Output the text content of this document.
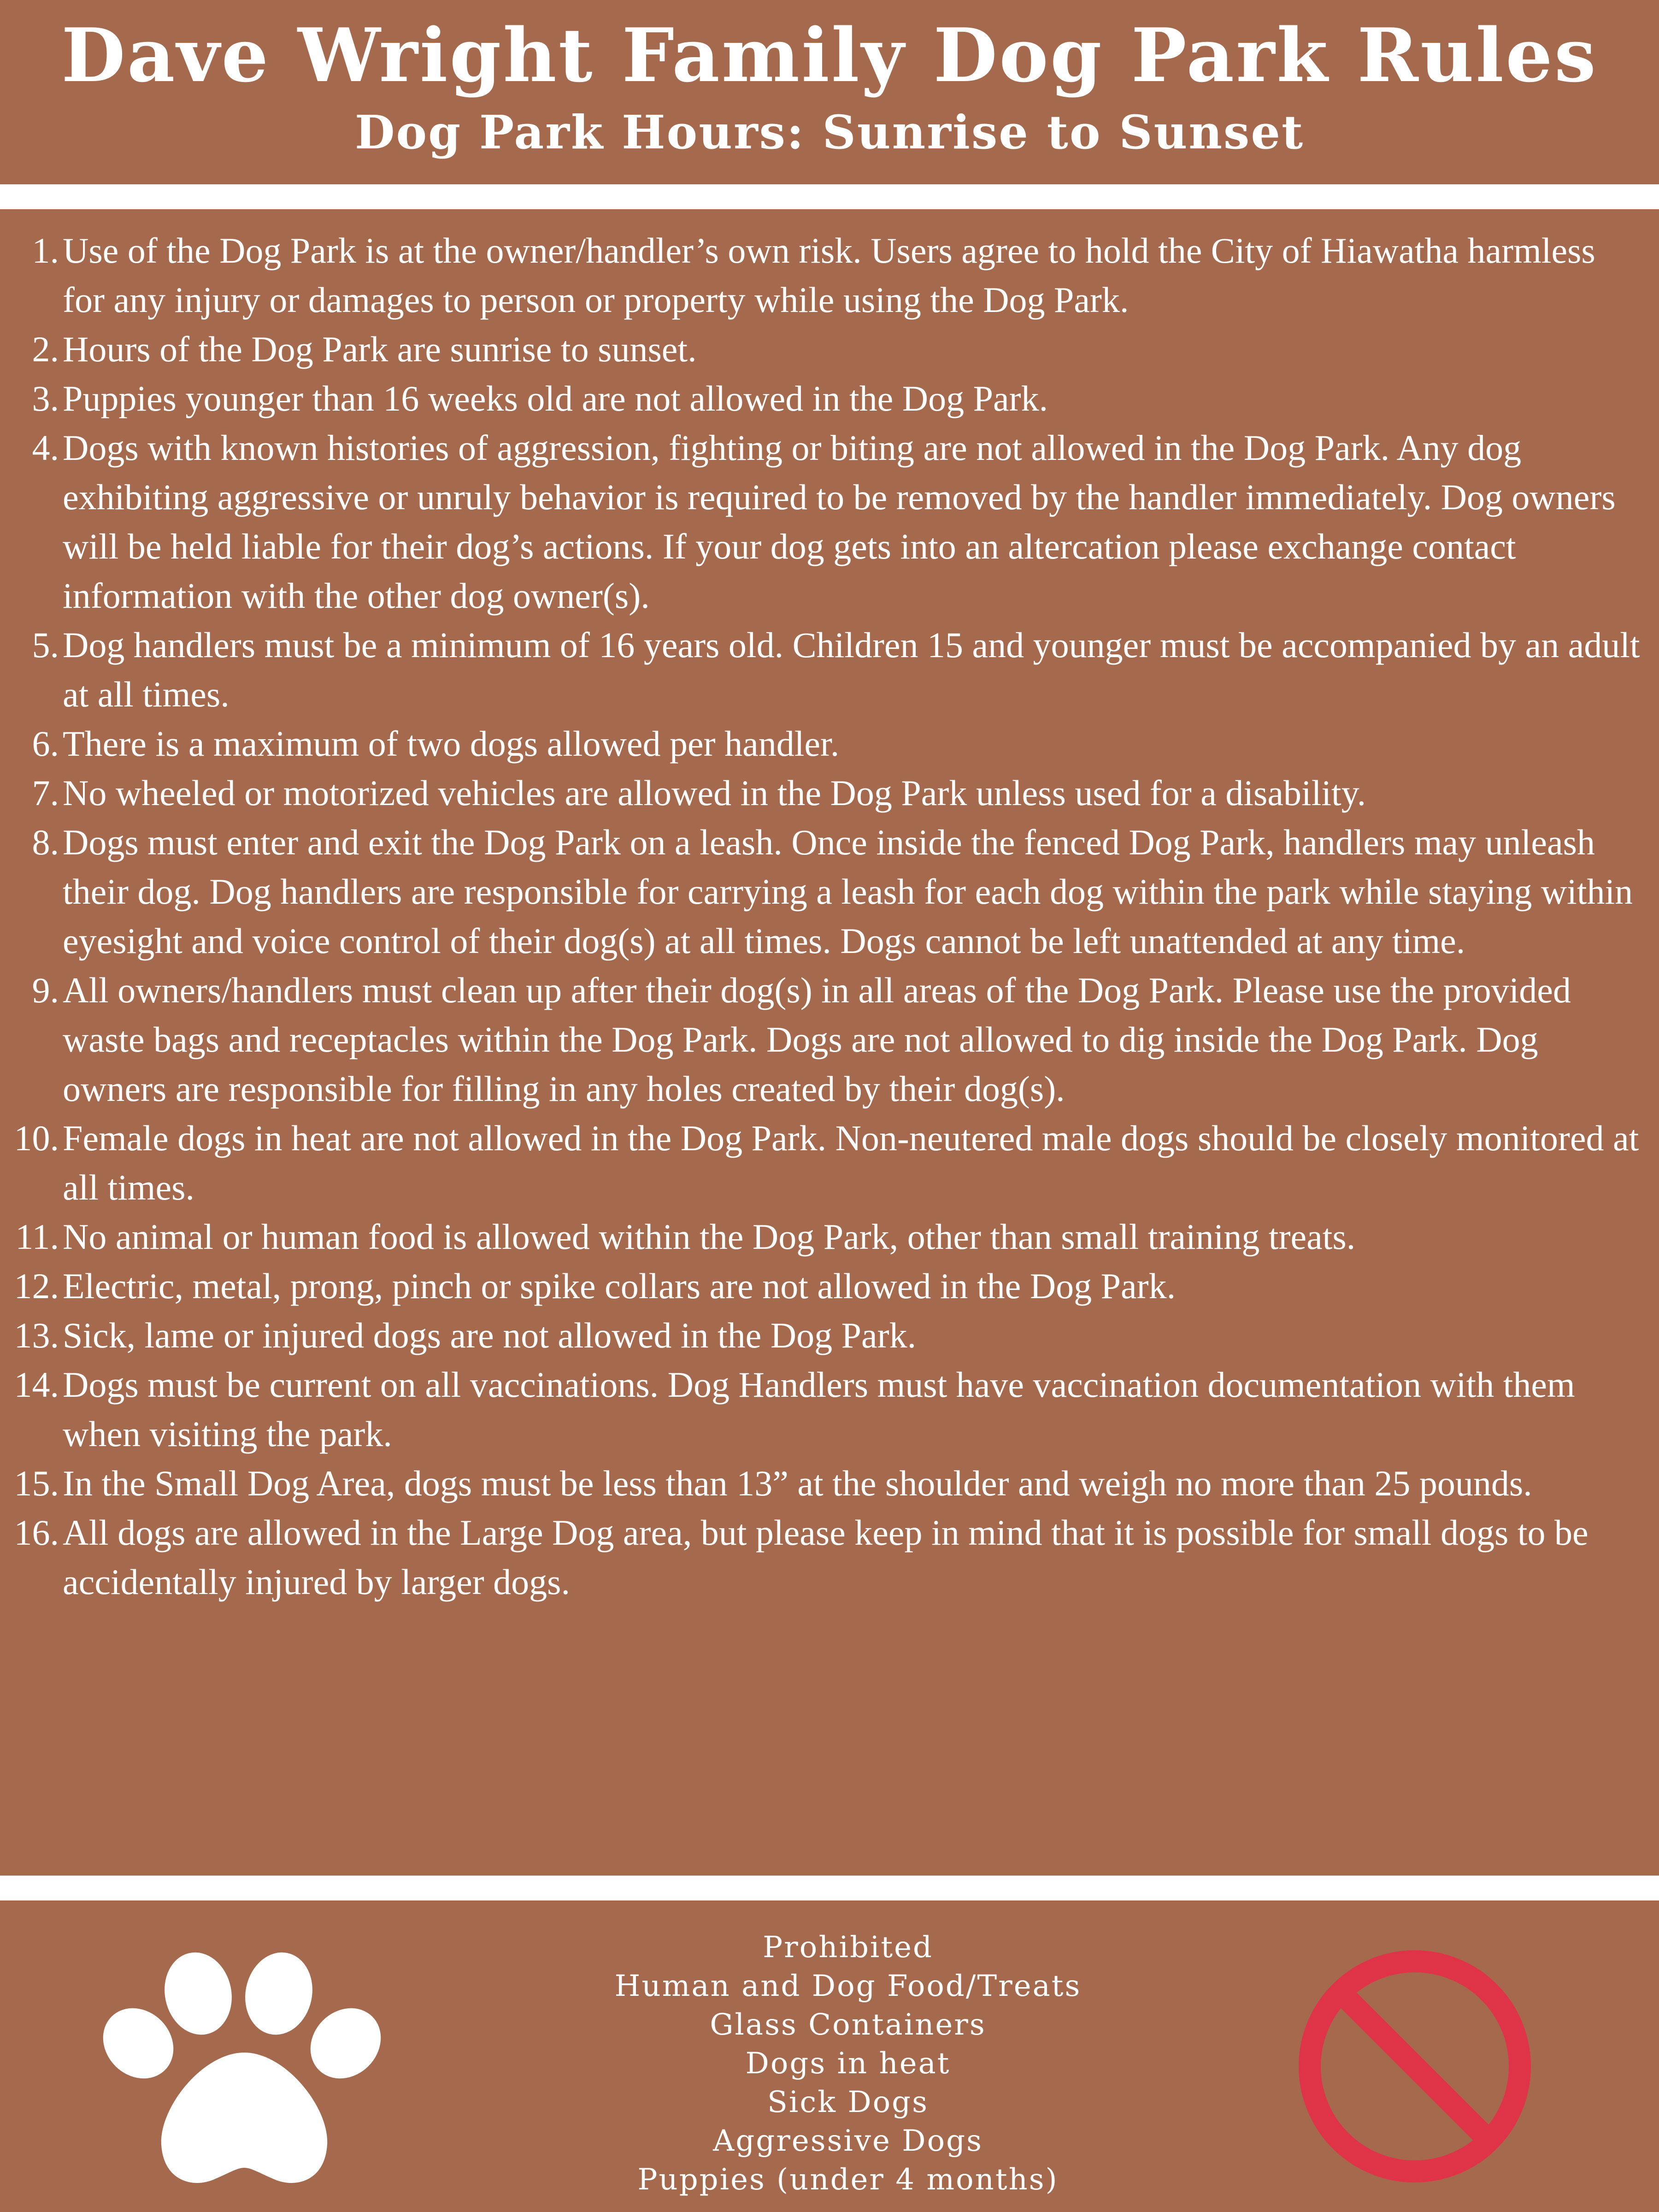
Dave Wright Family Dog Park Rules
Dog Park Hours: Sunrise to Sunset
1. Use of the Dog Park is at the owner/handler’s own risk. Users agree to hold the City of Hiawatha harmless for any injury or damages to person or property while using the Dog Park.
2. Hours of the Dog Park are sunrise to sunset.
3. Puppies younger than 16 weeks old are not allowed in the Dog Park.
4. Dogs with known histories of aggression, fighting or biting are not allowed in the Dog Park. Any dog exhibiting aggressive or unruly behavior is required to be removed by the handler immediately. Dog owners will be held liable for their dog’s actions. If your dog gets into an altercation please exchange contact information with the other dog owner(s).
5. Dog handlers must be a minimum of 16 years old. Children 15 and younger must be accompanied by an adult at all times.
6. There is a maximum of two dogs allowed per handler.
7. No wheeled or motorized vehicles are allowed in the Dog Park unless used for a disability.
8. Dogs must enter and exit the Dog Park on a leash. Once inside the fenced Dog Park, handlers may unleash their dog. Dog handlers are responsible for carrying a leash for each dog within the park while staying within eyesight and voice control of their dog(s) at all times. Dogs cannot be left unattended at any time.
9. All owners/handlers must clean up after their dog(s) in all areas of the Dog Park. Please use the provided waste bags and receptacles within the Dog Park. Dogs are not allowed to dig inside the Dog Park. Dog owners are responsible for filling in any holes created by their dog(s).
10. Female dogs in heat are not allowed in the Dog Park. Non-neutered male dogs should be closely monitored at all times.
11. No animal or human food is allowed within the Dog Park, other than small training treats.
12. Electric, metal, prong, pinch or spike collars are not allowed in the Dog Park.
13. Sick, lame or injured dogs are not allowed in the Dog Park.
14. Dogs must be current on all vaccinations. Dog Handlers must have vaccination documentation with them when visiting the park.
15. In the Small Dog Area, dogs must be less than 13” at the shoulder and weigh no more than 25 pounds.
16. All dogs are allowed in the Large Dog area, but please keep in mind that it is possible for small dogs to be accidentally injured by larger dogs.
Prohibited
Human and Dog Food/Treats
Glass Containers
Dogs in heat
Sick Dogs
Aggressive Dogs
Puppies (under 4 months)
